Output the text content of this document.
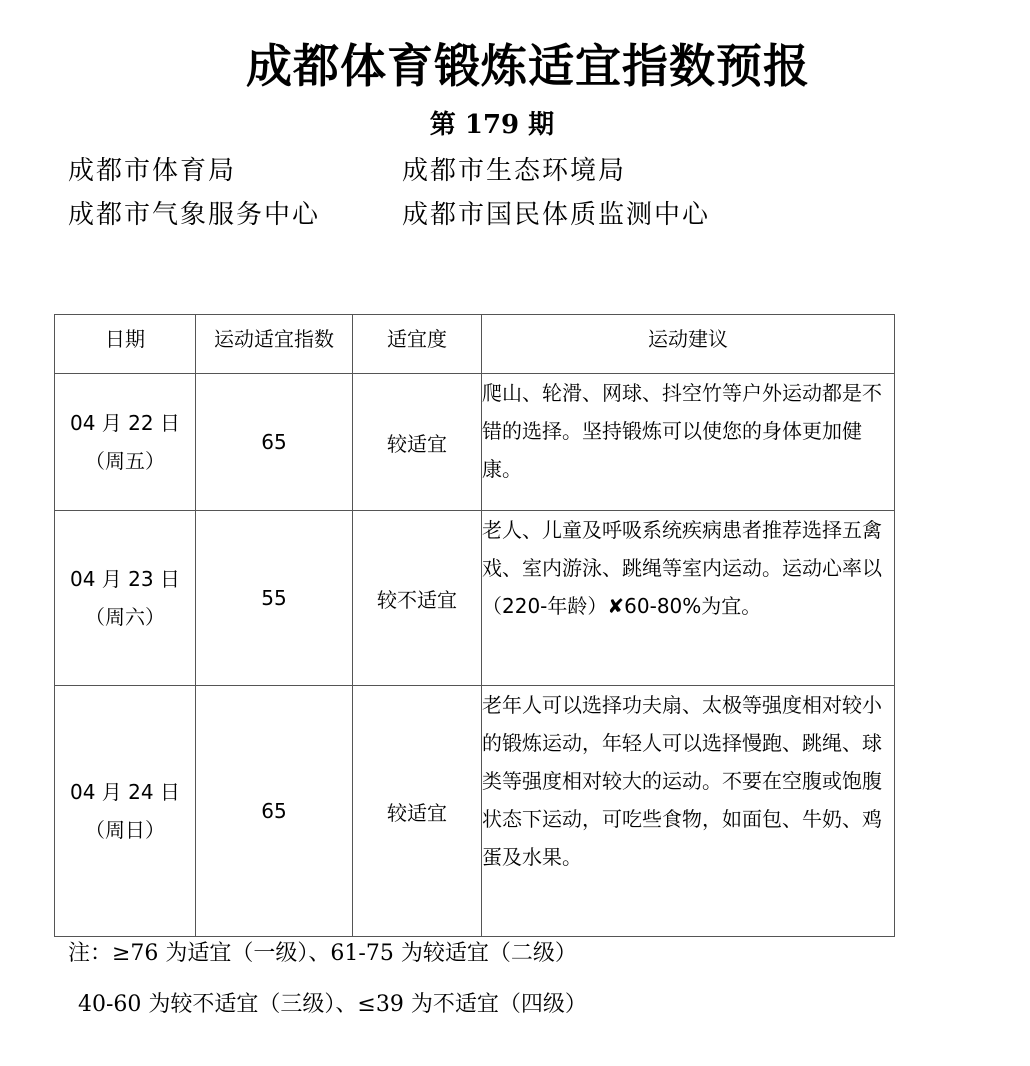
成都体育锻炼适宜指数预报
第 179 期
成都市体育局	成都市生态环境局
成都市气象服务中心	成都市国民体质监测中心
日期	运动适宜指数	适宜度	运动建议

04 月 22 日
（周五）	65	较适宜	爬山、轮滑、网球、抖空竹等户外运动都是不错的选择。坚持锻炼可以使您的身体更加健康。

04 月 23 日
（周六）	55	较不适宜	老人、儿童及呼吸系统疾病患者推荐选择五禽戏、室内游泳、跳绳等室内运动。运动心率以（220-年龄）✘60-80%为宜。

04 月 24 日
（周日）	65	较适宜	老年人可以选择功夫扇、太极等强度相对较小的锻炼运动，年轻人可以选择慢跑、跳绳、球类等强度相对较大的运动。不要在空腹或饱腹状态下运动，可吃些食物，如面包、牛奶、鸡蛋及水果。
注：≥76 为适宜（一级）、61-75 为较适宜（二级）
40-60 为较不适宜（三级）、≤39 为不适宜（四级）
